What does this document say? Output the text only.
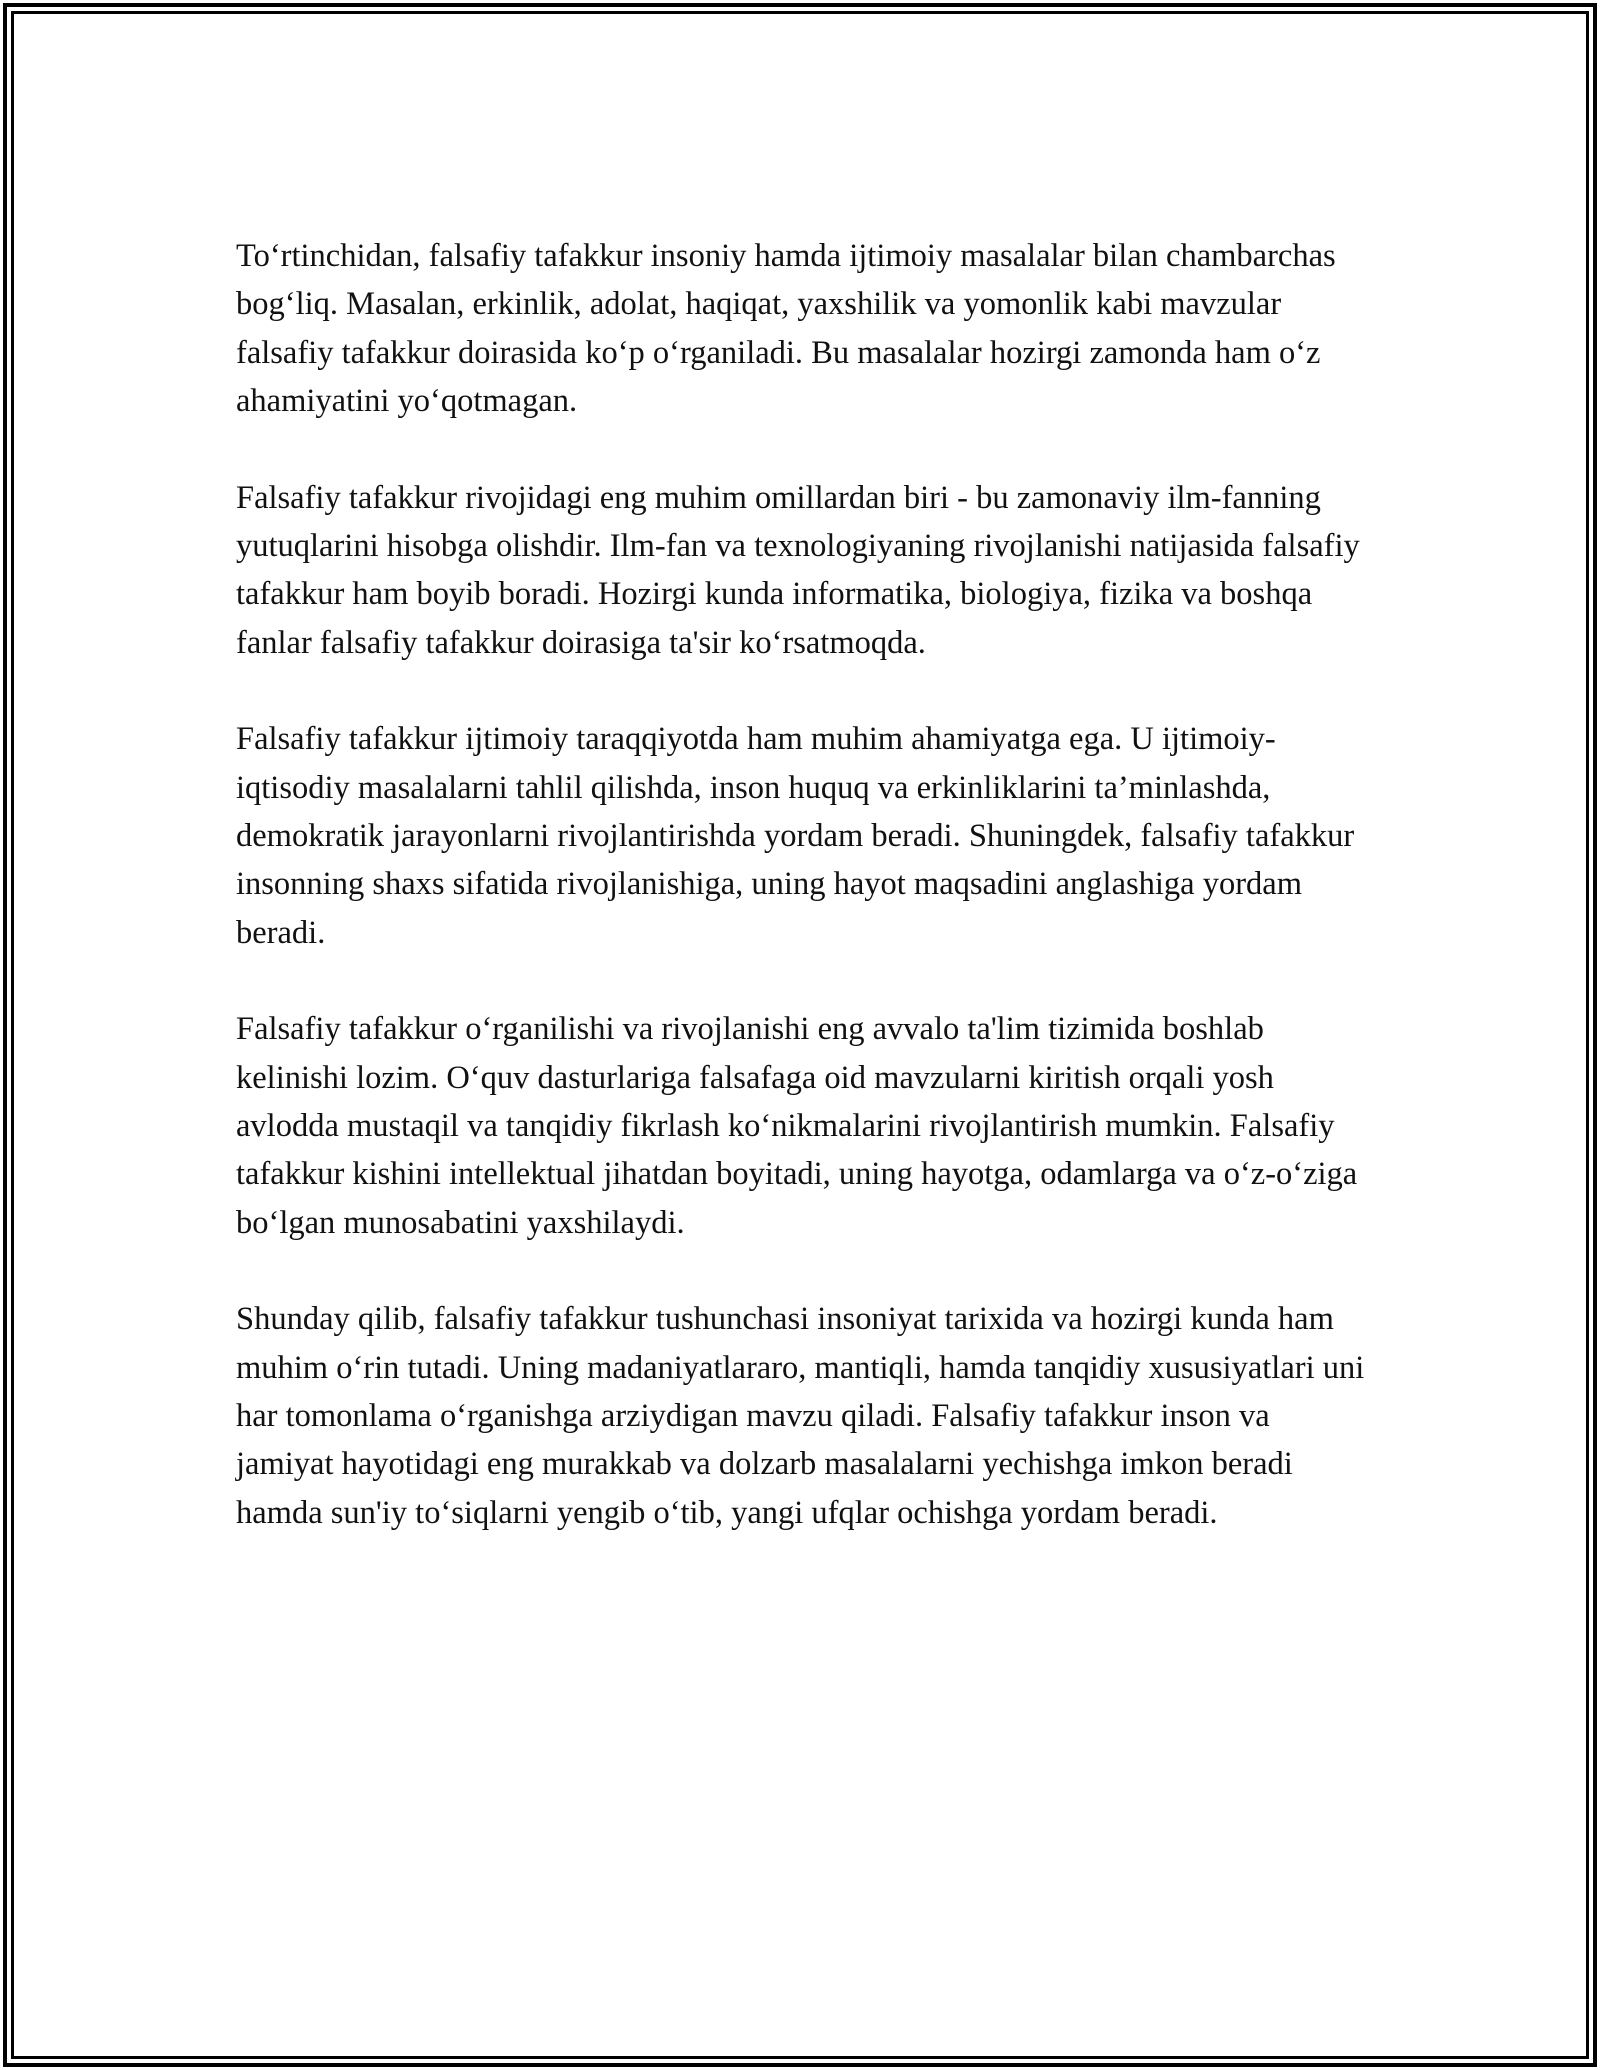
To‘rtinchidan, falsafiy tafakkur insoniy hamda ijtimoiy masalalar bilan chambarchas bog‘liq. Masalan, erkinlik, adolat, haqiqat, yaxshilik va yomonlik kabi mavzular falsafiy tafakkur doirasida ko‘p o‘rganiladi. Bu masalalar hozirgi zamonda ham o‘z ahamiyatini yo‘qotmagan.

Falsafiy tafakkur rivojidagi eng muhim omillardan biri - bu zamonaviy ilm-fanning yutuqlarini hisobga olishdir. Ilm-fan va texnologiyaning rivojlanishi natijasida falsafiy tafakkur ham boyib boradi. Hozirgi kunda informatika, biologiya, fizika va boshqa fanlar falsafiy tafakkur doirasiga ta'sir ko‘rsatmoqda.

Falsafiy tafakkur ijtimoiy taraqqiyotda ham muhim ahamiyatga ega. U ijtimoiy-iqtisodiy masalalarni tahlil qilishda, inson huquq va erkinliklarini ta’minlashda, demokratik jarayonlarni rivojlantirishda yordam beradi. Shuningdek, falsafiy tafakkur insonning shaxs sifatida rivojlanishiga, uning hayot maqsadini anglashiga yordam beradi.

Falsafiy tafakkur o‘rganilishi va rivojlanishi eng avvalo ta'lim tizimida boshlab kelinishi lozim. O‘quv dasturlariga falsafaga oid mavzularni kiritish orqali yosh avlodda mustaqil va tanqidiy fikrlash ko‘nikmalarini rivojlantirish mumkin. Falsafiy tafakkur kishini intellektual jihatdan boyitadi, uning hayotga, odamlarga va o‘z-o‘ziga bo‘lgan munosabatini yaxshilaydi.

Shunday qilib, falsafiy tafakkur tushunchasi insoniyat tarixida va hozirgi kunda ham muhim o‘rin tutadi. Uning madaniyatlararo, mantiqli, hamda tanqidiy xususiyatlari uni har tomonlama o‘rganishga arziydigan mavzu qiladi. Falsafiy tafakkur inson va jamiyat hayotidagi eng murakkab va dolzarb masalalarni yechishga imkon beradi hamda sun'iy to‘siqlarni yengib o‘tib, yangi ufqlar ochishga yordam beradi.
